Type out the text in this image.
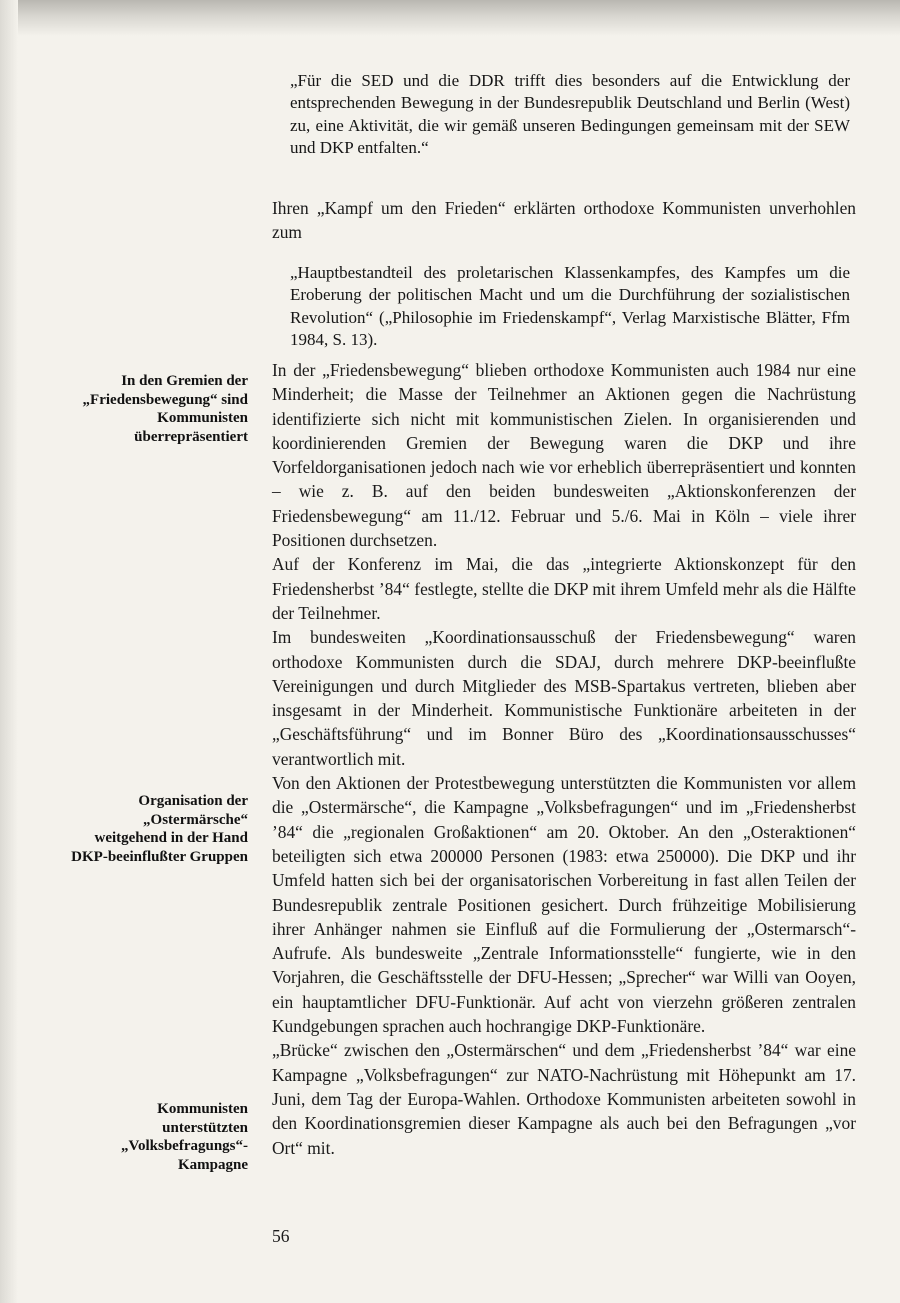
„Für die SED und die DDR trifft dies besonders auf die Entwicklung der entsprechenden Bewegung in der Bundesrepublik Deutschland und Berlin (West) zu, eine Aktivität, die wir gemäß unseren Bedingungen gemeinsam mit der SEW und DKP entfalten.“

Ihren „Kampf um den Frieden“ erklärten orthodoxe Kommunisten unverhohlen zum

„Hauptbestandteil des proletarischen Klassenkampfes, des Kampfes um die Eroberung der politischen Macht und um die Durchführung der sozialistischen Revolution“ („Philosophie im Friedenskampf“, Verlag Marxistische Blätter, Ffm 1984, S. 13).

In den Gremien der „Friedensbewegung“ sind Kommunisten überrepräsentiert
Organisation der „Ostermärsche“ weitgehend in der Hand DKP-beeinflußter Gruppen
Kommunisten unterstützten „Volksbefragungs“-Kampagne

In der „Friedensbewegung“ blieben orthodoxe Kommunisten auch 1984 nur eine Minderheit; die Masse der Teilnehmer an Aktionen gegen die Nachrüstung identifizierte sich nicht mit kommunistischen Zielen. In organisierenden und koordinierenden Gremien der Bewegung waren die DKP und ihre Vorfeldorganisationen jedoch nach wie vor erheblich überrepräsentiert und konnten – wie z. B. auf den beiden bundesweiten „Aktionskonferenzen der Friedensbewegung“ am 11./12. Februar und 5./6. Mai in Köln – viele ihrer Positionen durchsetzen.

Auf der Konferenz im Mai, die das „integrierte Aktionskonzept für den Friedensherbst ’84“ festlegte, stellte die DKP mit ihrem Umfeld mehr als die Hälfte der Teilnehmer.

Im bundesweiten „Koordinationsausschuß der Friedensbewegung“ waren orthodoxe Kommunisten durch die SDAJ, durch mehrere DKP-beeinflußte Vereinigungen und durch Mitglieder des MSB-Spartakus vertreten, blieben aber insgesamt in der Minderheit. Kommunistische Funktionäre arbeiteten in der „Geschäftsführung“ und im Bonner Büro des „Koordinationsausschusses“ verantwortlich mit.

Von den Aktionen der Protestbewegung unterstützten die Kommunisten vor allem die „Ostermärsche“, die Kampagne „Volksbefragungen“ und im „Friedensherbst ’84“ die „regionalen Großaktionen“ am 20. Oktober. An den „Osteraktionen“ beteiligten sich etwa 200000 Personen (1983: etwa 250000). Die DKP und ihr Umfeld hatten sich bei der organisatorischen Vorbereitung in fast allen Teilen der Bundesrepublik zentrale Positionen gesichert. Durch frühzeitige Mobilisierung ihrer Anhänger nahmen sie Einfluß auf die Formulierung der „Ostermarsch“-Aufrufe. Als bundesweite „Zentrale Informationsstelle“ fungierte, wie in den Vorjahren, die Geschäftsstelle der DFU-Hessen; „Sprecher“ war Willi van Ooyen, ein hauptamtlicher DFU-Funktionär. Auf acht von vierzehn größeren zentralen Kundgebungen sprachen auch hochrangige DKP-Funktionäre.

„Brücke“ zwischen den „Ostermärschen“ und dem „Friedensherbst ’84“ war eine Kampagne „Volksbefragungen“ zur NATO-Nachrüstung mit Höhepunkt am 17. Juni, dem Tag der Europa-Wahlen. Orthodoxe Kommunisten arbeiteten sowohl in den Koordinationsgremien dieser Kampagne als auch bei den Befragungen „vor Ort“ mit.

56
